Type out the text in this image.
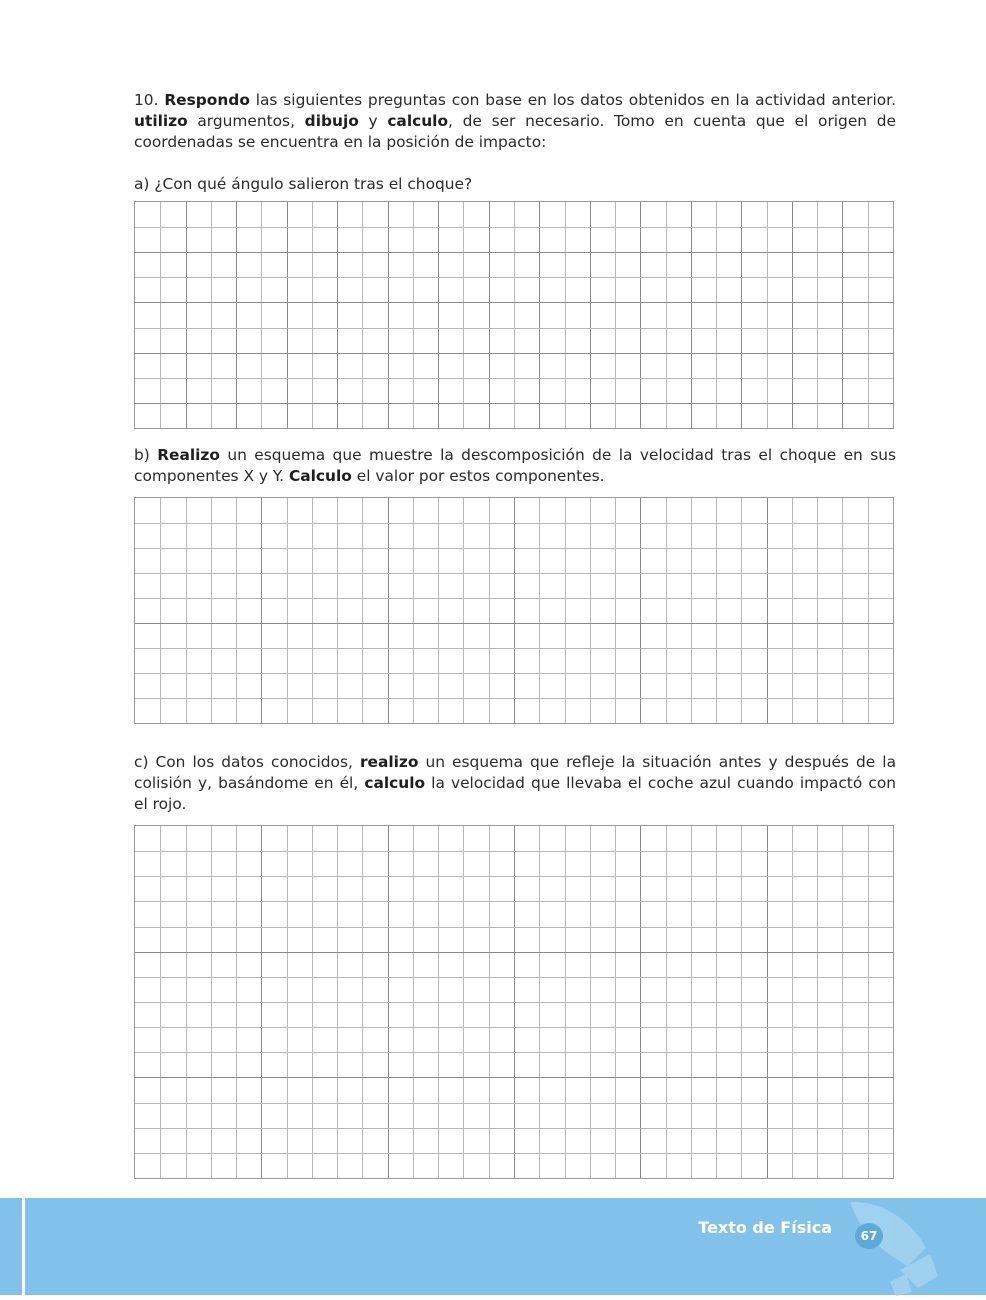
10. Respondo las siguientes preguntas con base en los datos obtenidos en la actividad anterior. utilizo argumentos, dibujo y calculo, de ser necesario. Tomo en cuenta que el origen de coordenadas se encuentra en la posición de impacto:

a) ¿Con qué ángulo salieron tras el choque?

b) Realizo un esquema que muestre la descomposición de la velocidad tras el choque en sus componentes X y Y. Calculo el valor por estos componentes.

c) Con los datos conocidos, realizo un esquema que refleje la situación antes y después de la colisión y, basándome en él, calculo la velocidad que llevaba el coche azul cuando impactó con el rojo.

Texto de Física	67
